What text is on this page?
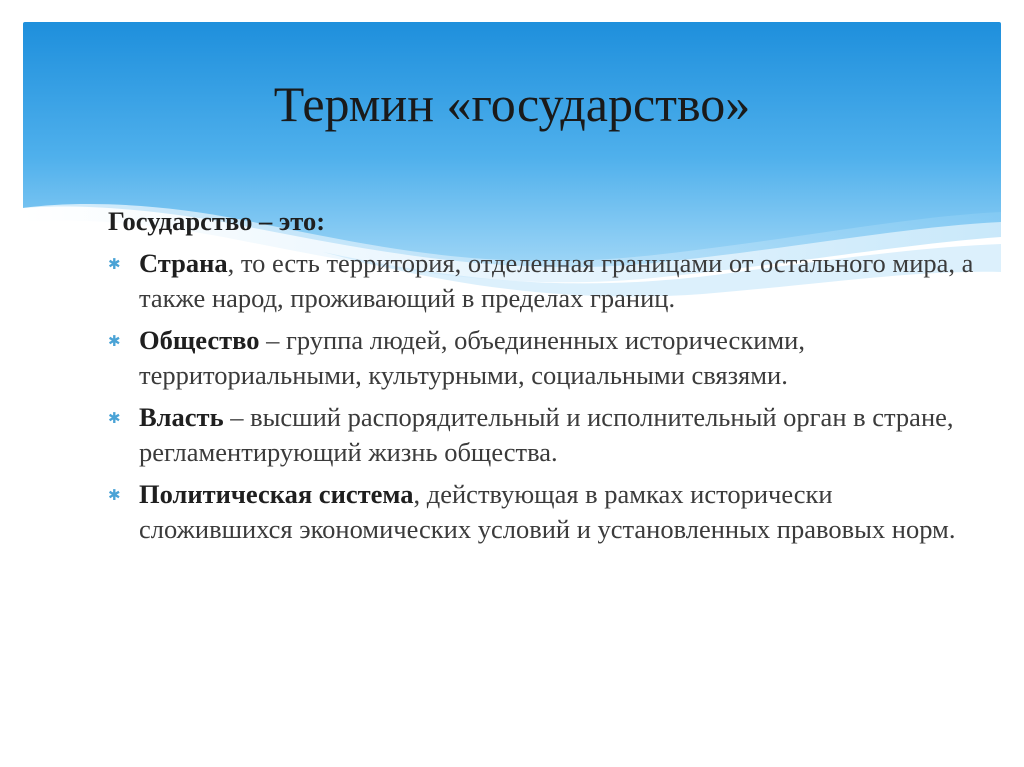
Термин «государство»

Государство – это:

✱ Страна, то есть территория, отделенная границами от остального мира, а также народ, проживающий в пределах границ.
✱ Общество – группа людей, объединенных историческими, территориальными, культурными, социальными связями.
✱ Власть – высший распорядительный и исполнительный орган в стране, регламентирующий жизнь общества.
✱ Политическая система, действующая в рамках исторически сложившихся экономических условий и установленных правовых норм.
